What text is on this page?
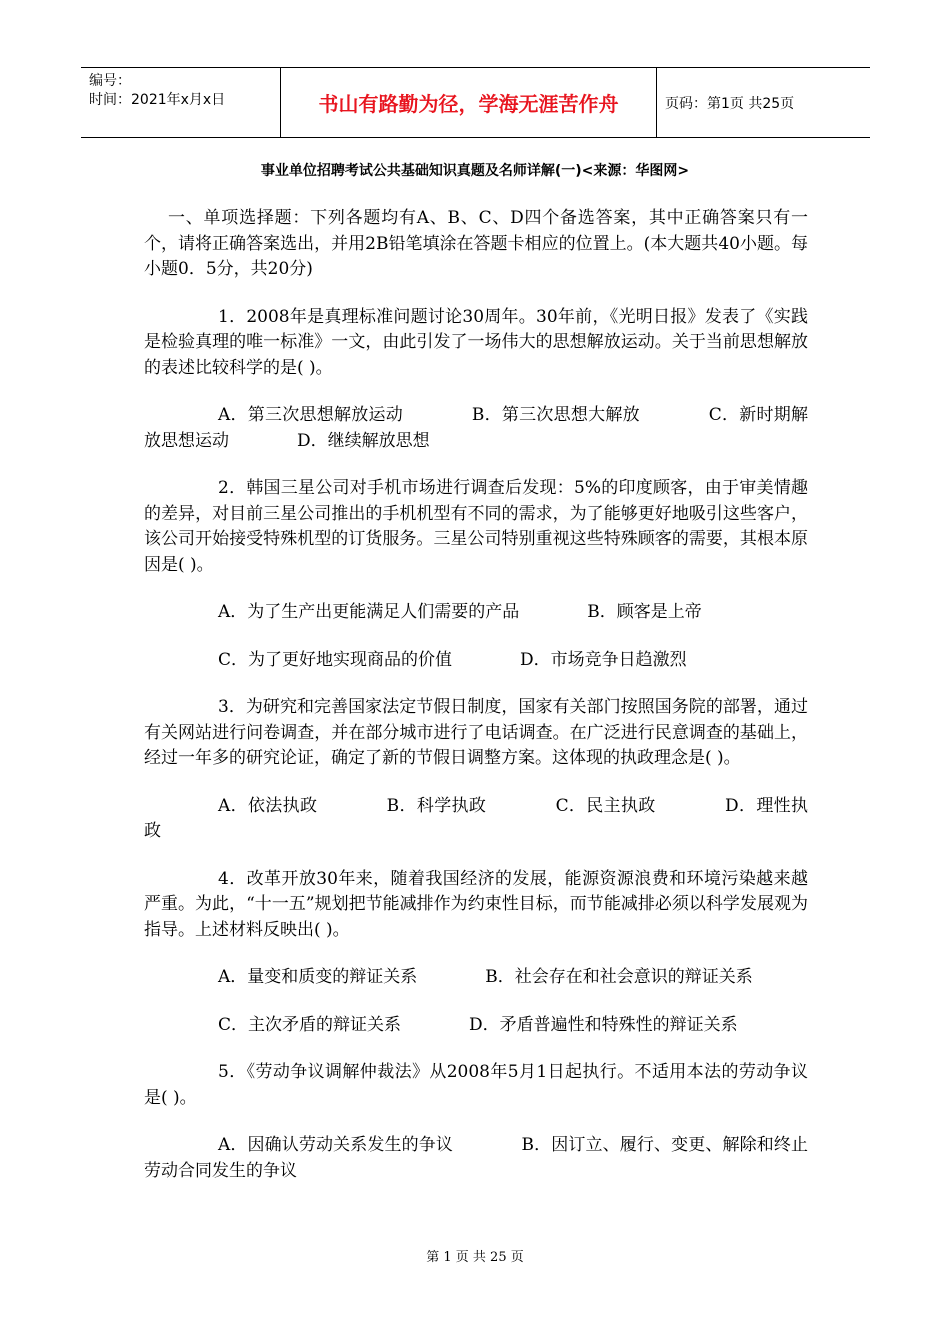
编号：
时间：2021年x月x日	书山有路勤为径，学海无涯苦作舟	页码：第1页 共25页
事业单位招聘考试公共基础知识真题及名师详解(一)<来源：华图网>

一、单项选择题：下列各题均有A、B、C、D四个备选答案，其中正确答案只有一个，请将正确答案选出，并用2B铅笔填涂在答题卡相应的位置上。(本大题共40小题。每小题0．5分，共20分)

1．2008年是真理标准问题讨论30周年。30年前，《光明日报》发表了《实践是检验真理的唯一标准》一文，由此引发了一场伟大的思想解放运动。关于当前思想解放的表述比较科学的是( )。

A．第三次思想解放运动　　　　B．第三次思想大解放　　　　C．新时期解放思想运动　　　　D．继续解放思想

2．韩国三星公司对手机市场进行调查后发现：5%的印度顾客，由于审美情趣的差异，对目前三星公司推出的手机机型有不同的需求，为了能够更好地吸引这些客户，该公司开始接受特殊机型的订货服务。三星公司特别重视这些特殊顾客的需要，其根本原因是( )。

A．为了生产出更能满足人们需要的产品　　　　B．顾客是上帝

C．为了更好地实现商品的价值　　　　D．市场竞争日趋激烈

3．为研究和完善国家法定节假日制度，国家有关部门按照国务院的部署，通过有关网站进行问卷调查，并在部分城市进行了电话调查。在广泛进行民意调查的基础上，经过一年多的研究论证，确定了新的节假日调整方案。这体现的执政理念是( )。

A．依法执政　　　　B．科学执政　　　　C．民主执政　　　　D．理性执政

4．改革开放30年来，随着我国经济的发展，能源资源浪费和环境污染越来越严重。为此，“十一五”规划把节能减排作为约束性目标，而节能减排必须以科学发展观为指导。上述材料反映出( )。

A．量变和质变的辩证关系　　　　B．社会存在和社会意识的辩证关系

C．主次矛盾的辩证关系　　　　D．矛盾普遍性和特殊性的辩证关系

5．《劳动争议调解仲裁法》从2008年5月1日起执行。不适用本法的劳动争议是( )。

A．因确认劳动关系发生的争议　　　　B．因订立、履行、变更、解除和终止劳动合同发生的争议

第 1 页 共 25 页
